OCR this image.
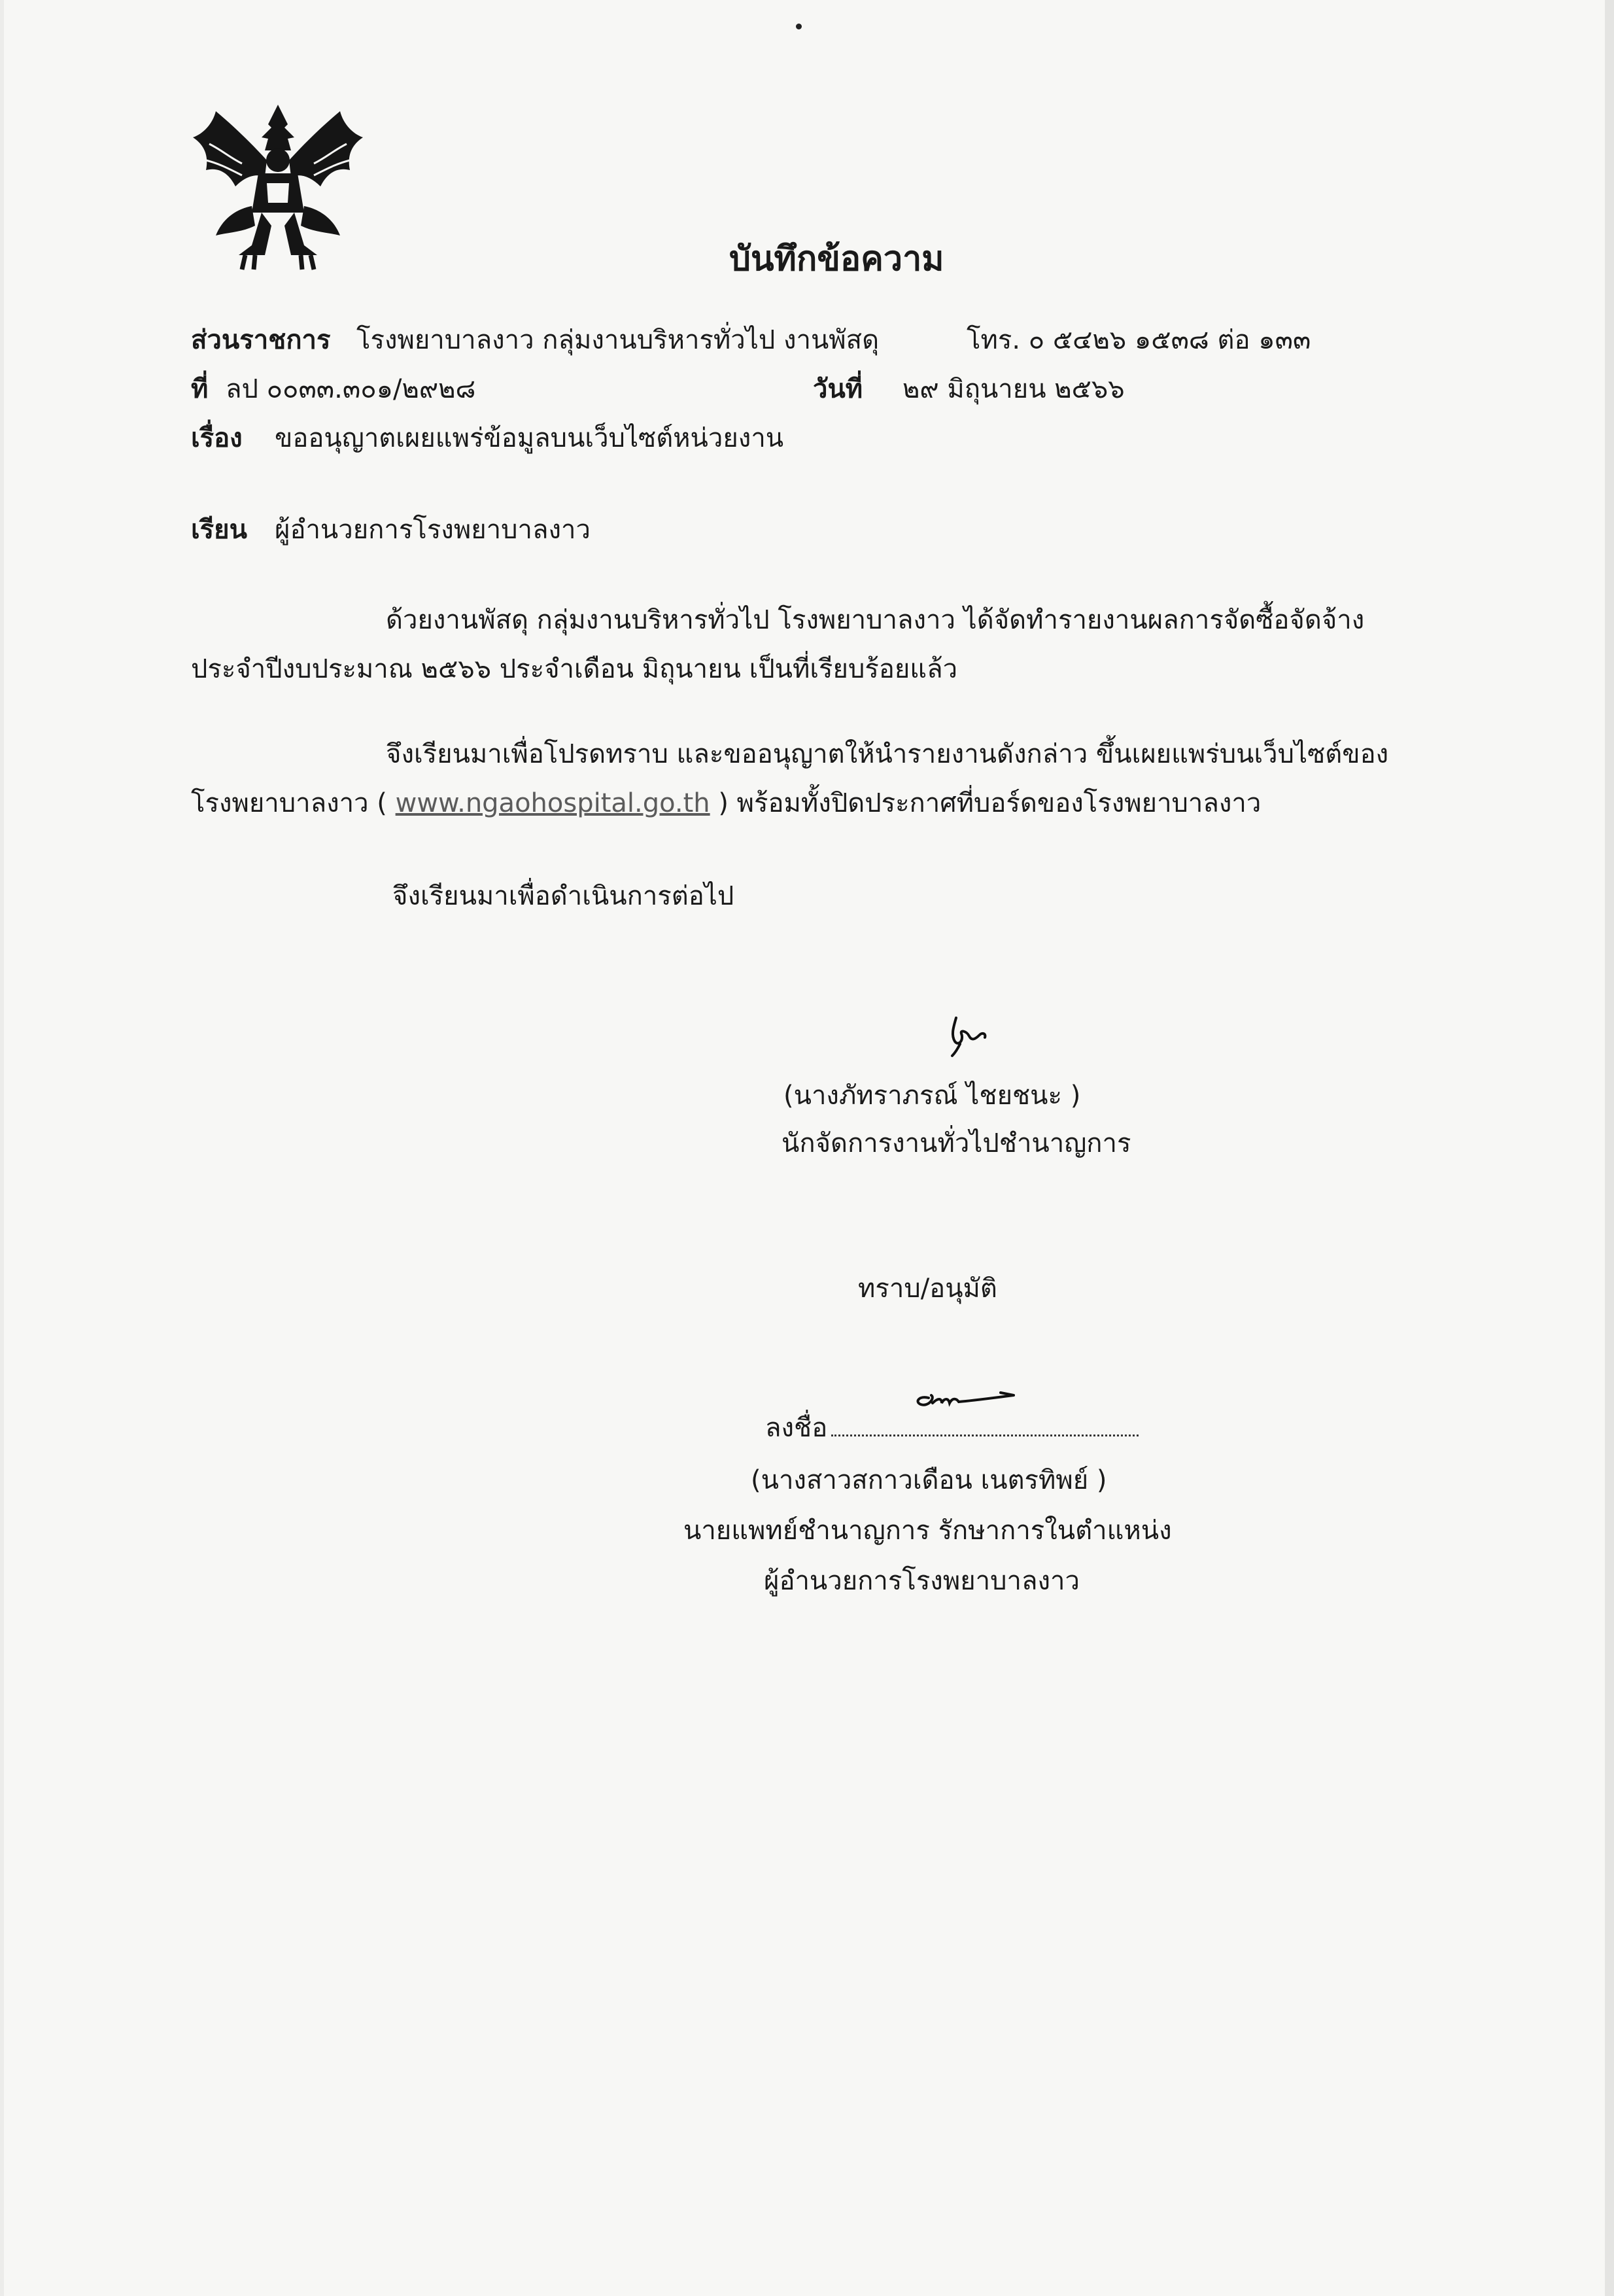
บันทึกข้อความ
ส่วนราชการ โรงพยาบาลงาว กลุ่มงานบริหารทั่วไป งานพัสดุ	โทร. ๐ ๕๔๒๖ ๑๕๓๘ ต่อ ๑๓๓
ที่ ลป ๐๐๓๓.๓๐๑/๒๙๒๘	วันที่ ๒๙ มิถุนายน ๒๕๖๖
เรื่อง ขออนุญาตเผยแพร่ข้อมูลบนเว็บไซต์หน่วยงาน
เรียน ผู้อำนวยการโรงพยาบาลงาว
ด้วยงานพัสดุ กลุ่มงานบริหารทั่วไป โรงพยาบาลงาว ได้จัดทำรายงานผลการจัดซื้อจัดจ้าง
ประจำปีงบประมาณ ๒๕๖๖ ประจำเดือน มิถุนายน เป็นที่เรียบร้อยแล้ว
จึงเรียนมาเพื่อโปรดทราบ และขออนุญาตให้นำรายงานดังกล่าว ขึ้นเผยแพร่บนเว็บไซต์ของ
โรงพยาบาลงาว ( www.ngaohospital.go.th ) พร้อมทั้งปิดประกาศที่บอร์ดของโรงพยาบาลงาว
จึงเรียนมาเพื่อดำเนินการต่อไป
(นางภัทราภรณ์ ไชยชนะ )
นักจัดการงานทั่วไปชำนาญการ
ทราบ/อนุมัติ
ลงชื่อ
(นางสาวสกาวเดือน เนตรทิพย์ )
นายแพทย์ชำนาญการ รักษาการในตำแหน่ง
ผู้อำนวยการโรงพยาบาลงาว
